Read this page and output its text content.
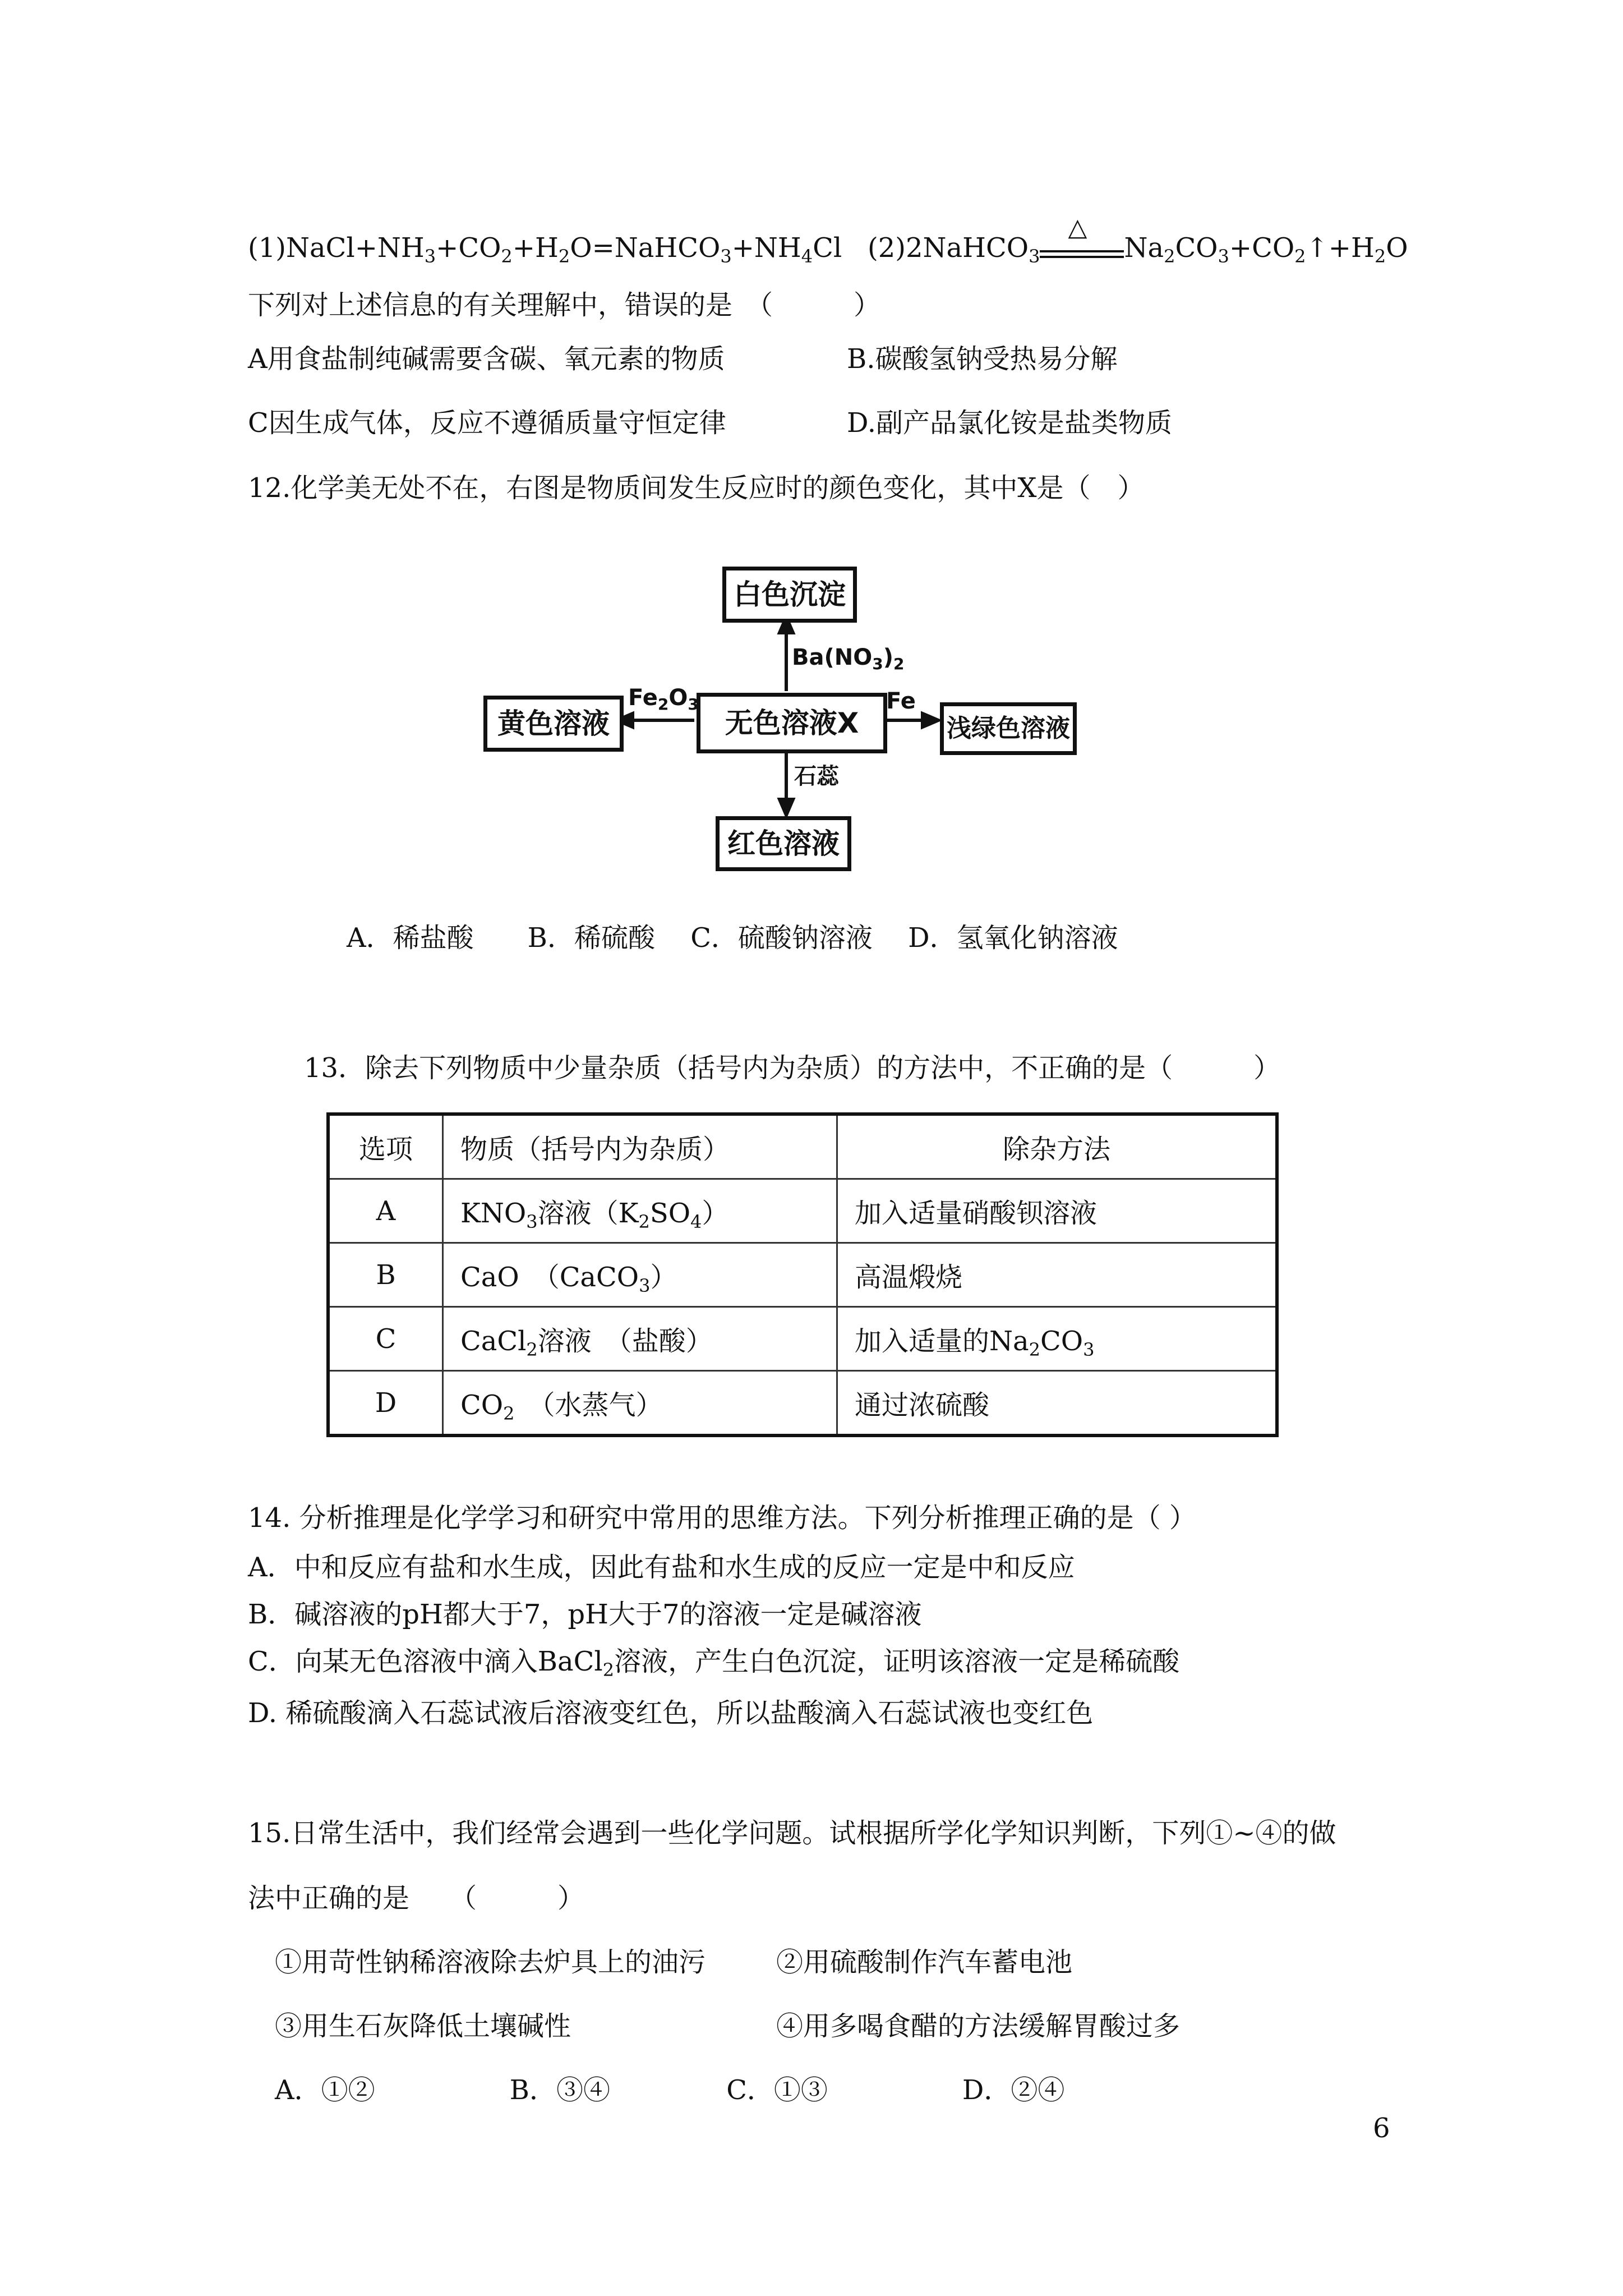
$(1)NaCl+NH_3+CO_2+H_2O=NaHCO_3+NH_4Cl$ (2)2NaHCO$_3$
△
$Na_2CO_3+CO_2↑+H_2O$
下列对上述信息的有关理解中，错误的是　（　　　）
A用食盐制纯碱需要含碳、氧元素的物质	B.碳酸氢钠受热易分解
C因生成气体，反应不遵循质量守恒定律	D.副产品氯化铵是盐类物质
12.化学美无处不在，右图是物质间发生反应时的颜色变化，其中X是（　）
白色沉淀
无色溶液X
黄色溶液	浅绿色溶液
红色溶液
$Ba(NO_3)_2$
$Fe_2O_3$	Fe
石蕊
A．稀盐酸　　B．稀硫酸　 C．硫酸钠溶液　 D．氢氧化钠溶液
13．除去下列物质中少量杂质（括号内为杂质）的方法中，不正确的是（　　　）
选项	物质（括号内为杂质）	除杂方法
A	$KNO_3$溶液$(K_2SO_4)$	加入适量硝酸钡溶液
B	CaO　（CaCO$_3$）	高温煅烧
C	CaCl$_2$溶液　（盐酸）	加入适量的$Na_2CO_3$
D	$CO_2$　（水蒸气）	通过浓硫酸
14. 分析推理是化学学习和研究中常用的思维方法。下列分析推理正确的是（ ）
A．中和反应有盐和水生成，因此有盐和水生成的反应一定是中和反应
B．碱溶液的pH都大于7，pH大于7的溶液一定是碱溶液
C．向某无色溶液中滴入BaCl$_2$溶液，产生白色沉淀，证明该溶液一定是稀硫酸
D. 稀硫酸滴入石蕊试液后溶液变红色，所以盐酸滴入石蕊试液也变红色
15.日常生活中，我们经常会遇到一些化学问题。试根据所学化学知识判断，下列①~④的做
法中正确的是　　（　　　）
①用苛性钠稀溶液除去炉具上的油污	②用硫酸制作汽车蓄电池
③用生石灰降低土壤碱性	④用多喝食醋的方法缓解胃酸过多
A．①②　　　　　B．③④　　　　 C．①③　　　　　D．②④
6
